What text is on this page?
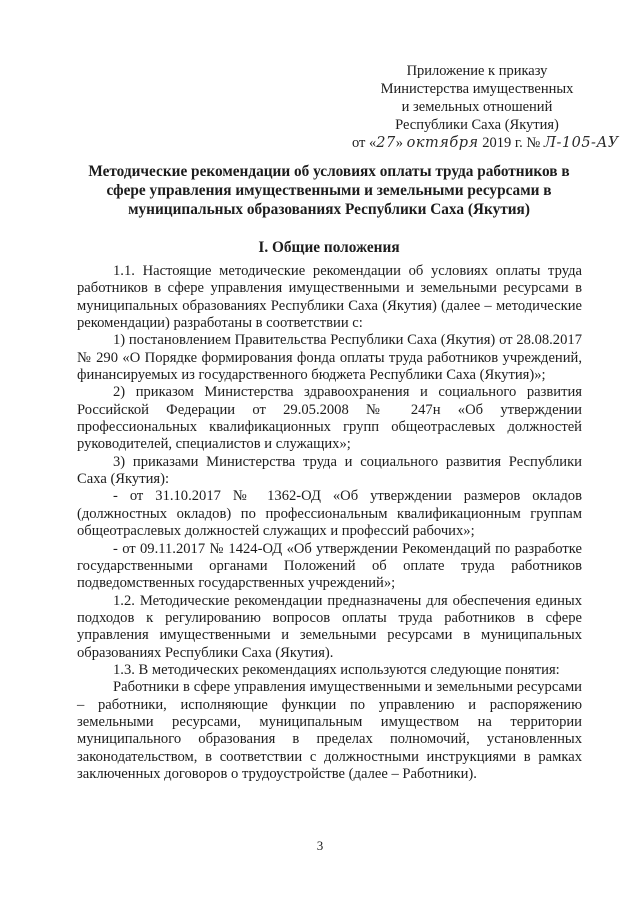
Приложение к приказу
Министерства имущественных
и земельных отношений
Республики Саха (Якутия)
от «27» октября 2019 г. № Л-105-АУ
Методические рекомендации об условиях оплаты труда работников в
сфере управления имущественными и земельными ресурсами в
муниципальных образованиях Республики Саха (Якутия)
I. Общие положения

1.1. Настоящие методические рекомендации об условиях оплаты труда работников в сфере управления имущественными и земельными ресурсами в муниципальных образованиях Республики Саха (Якутия) (далее – методические рекомендации) разработаны в соответствии с:

1) постановлением Правительства Республики Саха (Якутия) от 28.08.2017 № 290 «О Порядке формирования фонда оплаты труда работников учреждений, финансируемых из государственного бюджета Республики Саха (Якутия)»;

2) приказом Министерства здравоохранения и социального развития Российской Федерации от 29.05.2008 № 247н «Об утверждении профессиональных квалификационных групп общеотраслевых должностей руководителей, специалистов и служащих»;

3) приказами Министерства труда и социального развития Республики Саха (Якутия):

- от 31.10.2017 № 1362-ОД «Об утверждении размеров окладов (должностных окладов) по профессиональным квалификационным группам общеотраслевых должностей служащих и профессий рабочих»;

- от 09.11.2017 № 1424-ОД «Об утверждении Рекомендаций по разработке государственными органами Положений об оплате труда работников подведомственных государственных учреждений»;

1.2. Методические рекомендации предназначены для обеспечения единых подходов к регулированию вопросов оплаты труда работников в сфере управления имущественными и земельными ресурсами в муниципальных образованиях Республики Саха (Якутия).

1.3. В методических рекомендациях используются следующие понятия:

Работники в сфере управления имущественными и земельными ресурсами – работники, исполняющие функции по управлению и распоряжению земельными ресурсами, муниципальным имуществом на территории муниципального образования в пределах полномочий, установленных законодательством, в соответствии с должностными инструкциями в рамках заключенных договоров о трудоустройстве (далее – Работники).

3
